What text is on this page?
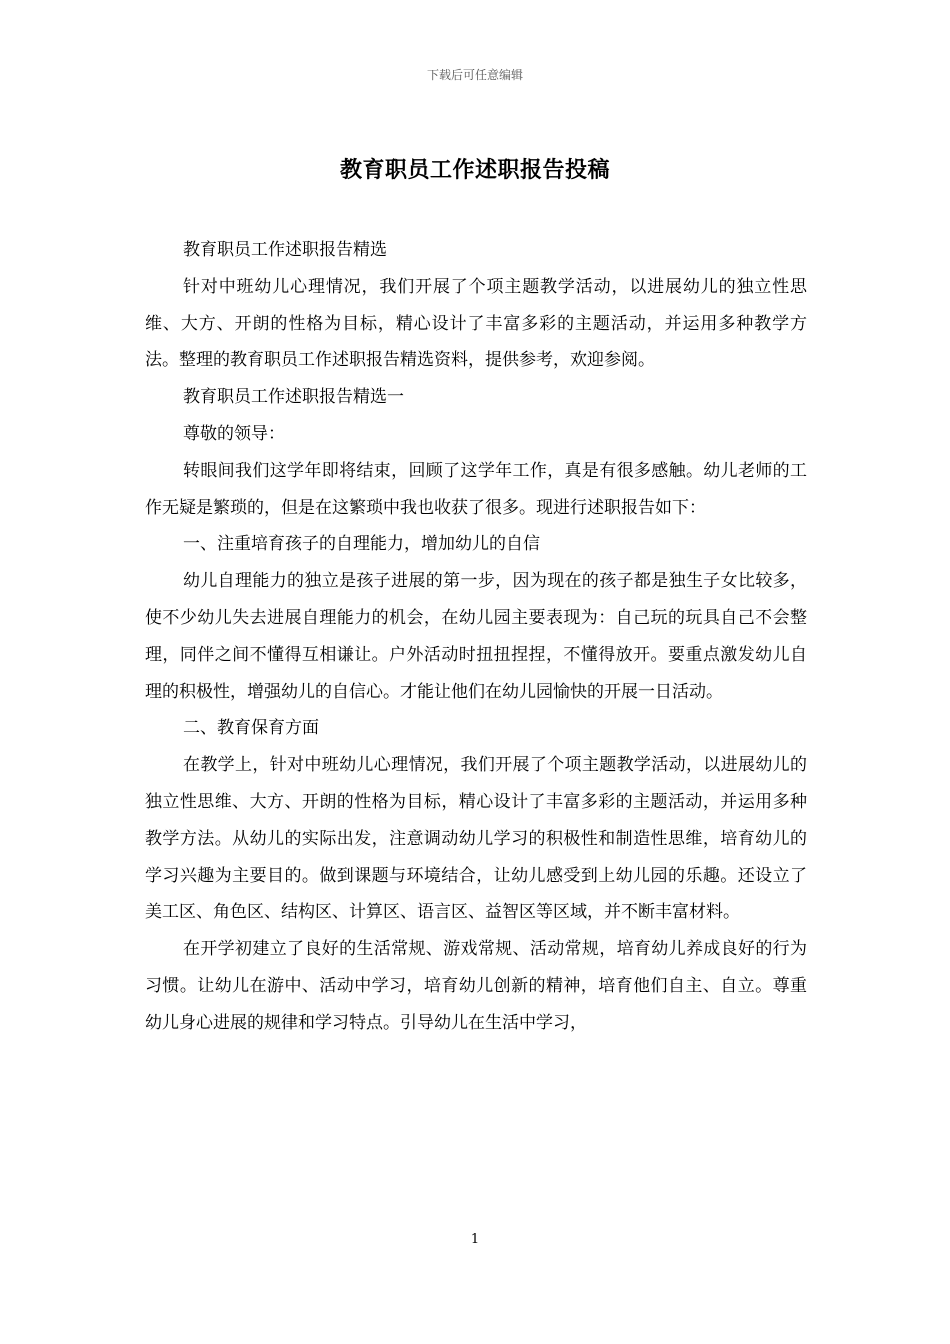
下载后可任意编辑
教育职员工作述职报告投稿

教育职员工作述职报告精选

针对中班幼儿心理情况，我们开展了个项主题教学活动，以进展幼儿的独立性思维、大方、开朗的性格为目标，精心设计了丰富多彩的主题活动，并运用多种教学方法。整理的教育职员工作述职报告精选资料，提供参考，欢迎参阅。

教育职员工作述职报告精选一

尊敬的领导：

转眼间我们这学年即将结束，回顾了这学年工作，真是有很多感触。幼儿老师的工作无疑是繁琐的，但是在这繁琐中我也收获了很多。现进行述职报告如下：

一、注重培育孩子的自理能力，增加幼儿的自信

幼儿自理能力的独立是孩子进展的第一步，因为现在的孩子都是独生子女比较多，使不少幼儿失去进展自理能力的机会，在幼儿园主要表现为：自己玩的玩具自己不会整理，同伴之间不懂得互相谦让。户外活动时扭扭捏捏，不懂得放开。要重点激发幼儿自理的积极性，增强幼儿的自信心。才能让他们在幼儿园愉快的开展一日活动。

二、教育保育方面

在教学上，针对中班幼儿心理情况，我们开展了个项主题教学活动，以进展幼儿的独立性思维、大方、开朗的性格为目标，精心设计了丰富多彩的主题活动，并运用多种教学方法。从幼儿的实际出发，注意调动幼儿学习的积极性和制造性思维，培育幼儿的学习兴趣为主要目的。做到课题与环境结合，让幼儿感受到上幼儿园的乐趣。还设立了美工区、角色区、结构区、计算区、语言区、益智区等区域，并不断丰富材料。

在开学初建立了良好的生活常规、游戏常规、活动常规，培育幼儿养成良好的行为习惯。让幼儿在游中、活动中学习，培育幼儿创新的精神，培育他们自主、自立。尊重幼儿身心进展的规律和学习特点。引导幼儿在生活中学习，

1
